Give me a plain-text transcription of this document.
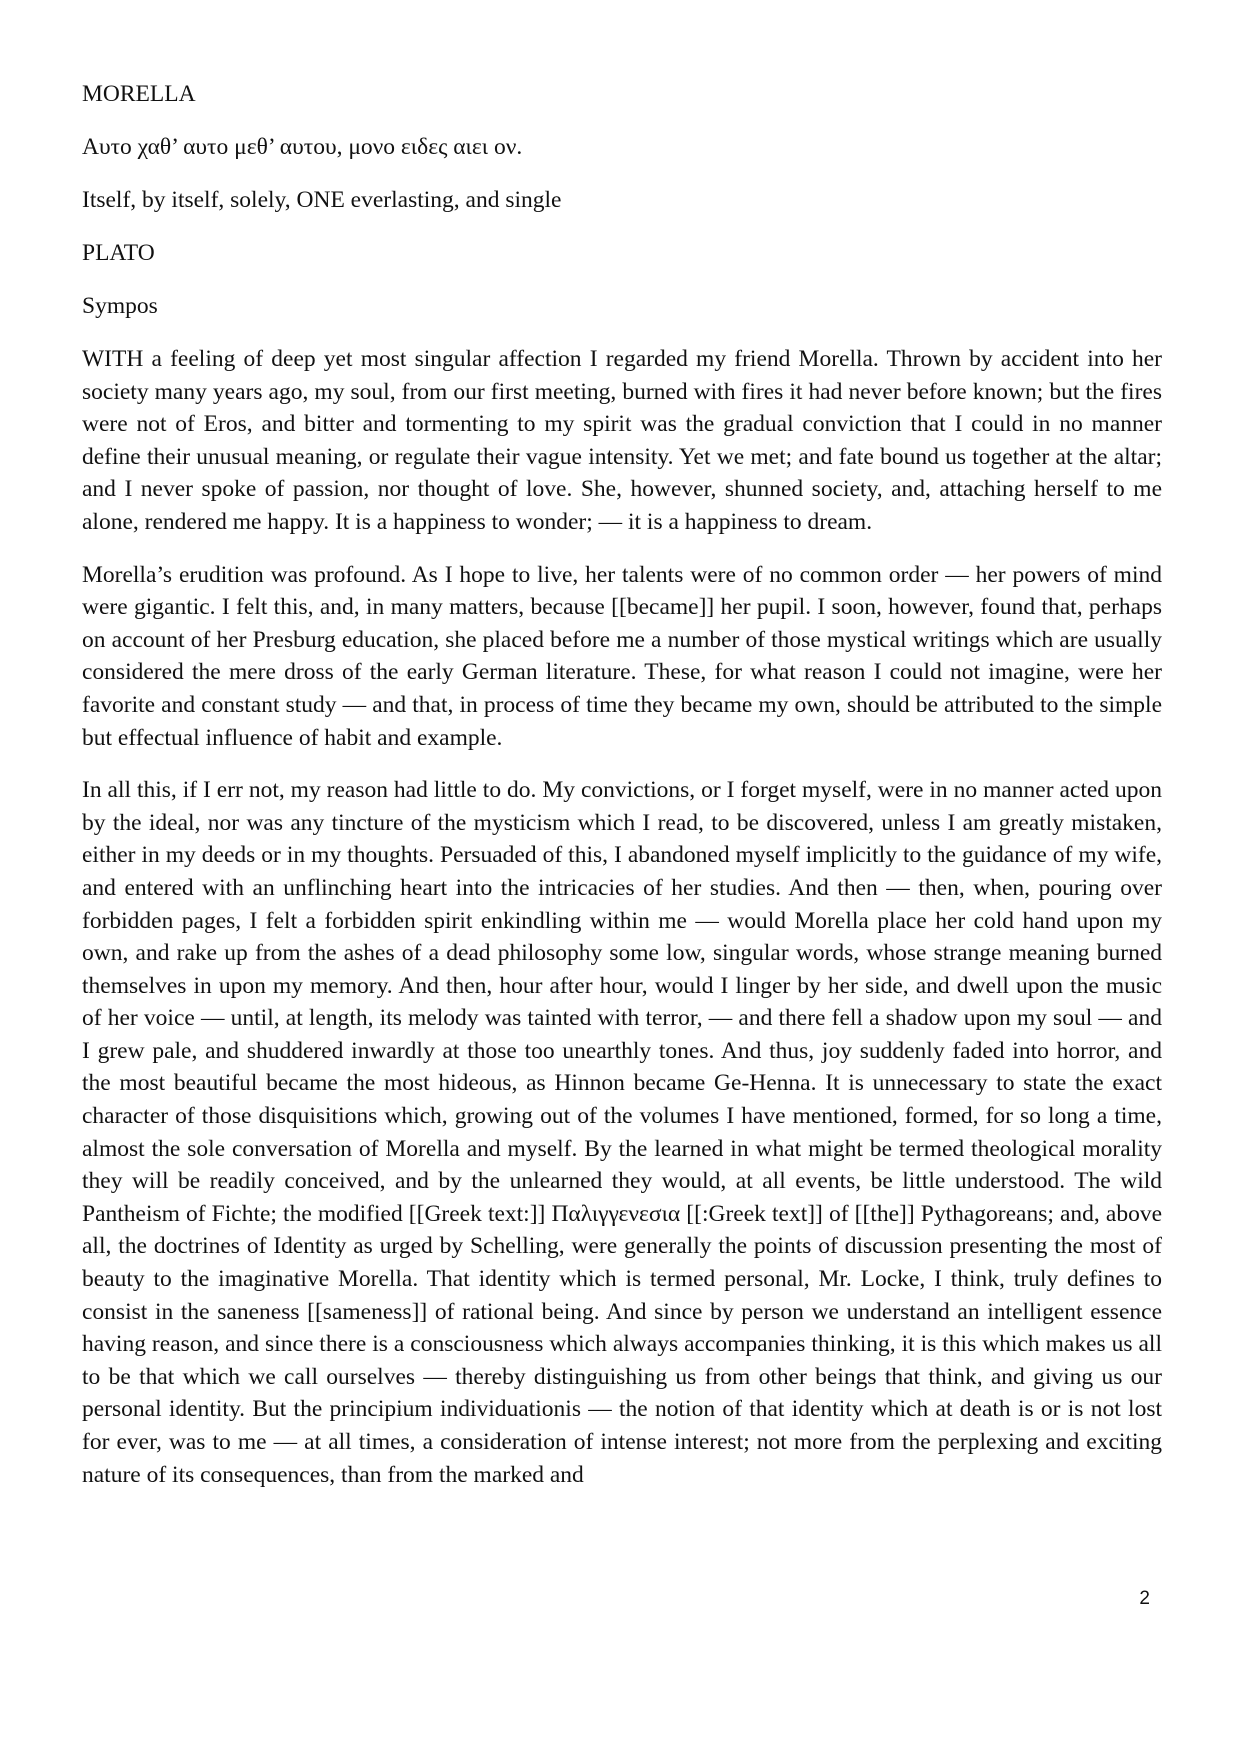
MORELLA
Αυτο χαθ’ αυτο μεθ’ αυτου, μονο ειδες αιει ον.
Itself, by itself, solely, ONE everlasting, and single
PLATO
Sympos

WITH a feeling of deep yet most singular affection I regarded my friend Morella. Thrown by accident into her society many years ago, my soul, from our first meeting, burned with fires it had never before known; but the fires were not of Eros, and bitter and tormenting to my spirit was the gradual conviction that I could in no manner define their unusual meaning, or regulate their vague intensity. Yet we met; and fate bound us together at the altar; and I never spoke of passion, nor thought of love. She, however, shunned society, and, attaching herself to me alone, rendered me happy. It is a happiness to wonder; — it is a happiness to dream.

Morella’s erudition was profound. As I hope to live, her talents were of no common order — her powers of mind were gigantic. I felt this, and, in many matters, because [[became]] her pupil. I soon, however, found that, perhaps on account of her Presburg education, she placed before me a number of those mystical writings which are usually considered the mere dross of the early German literature. These, for what reason I could not imagine, were her favorite and constant study — and that, in process of time they became my own, should be attributed to the simple but effectual influence of habit and example.

In all this, if I err not, my reason had little to do. My convictions, or I forget myself, were in no manner acted upon by the ideal, nor was any tincture of the mysticism which I read, to be discovered, unless I am greatly mistaken, either in my deeds or in my thoughts. Persuaded of this, I abandoned myself implicitly to the guidance of my wife, and entered with an unflinching heart into the intricacies of her studies. And then — then, when, pouring over forbidden pages, I felt a forbidden spirit enkindling within me — would Morella place her cold hand upon my own, and rake up from the ashes of a dead philosophy some low, singular words, whose strange meaning burned themselves in upon my memory. And then, hour after hour, would I linger by her side, and dwell upon the music of her voice — until, at length, its melody was tainted with terror, — and there fell a shadow upon my soul — and I grew pale, and shuddered inwardly at those too unearthly tones. And thus, joy suddenly faded into horror, and the most beautiful became the most hideous, as Hinnon became Ge-Henna. It is unnecessary to state the exact character of those disquisitions which, growing out of the volumes I have mentioned, formed, for so long a time, almost the sole conversation of Morella and myself. By the learned in what might be termed theological morality they will be readily conceived, and by the unlearned they would, at all events, be little understood. The wild Pantheism of Fichte; the modified [[Greek text:]] Παλιγγενεσια [[:Greek text]] of [[the]] Pythagoreans; and, above all, the doctrines of Identity as urged by Schelling, were generally the points of discussion presenting the most of beauty to the imaginative Morella. That identity which is termed personal, Mr. Locke, I think, truly defines to consist in the saneness [[sameness]] of rational being. And since by person we understand an intelligent essence having reason, and since there is a consciousness which always accompanies thinking, it is this which makes us all to be that which we call ourselves — thereby distinguishing us from other beings that think, and giving us our personal identity. But the principium individuationis — the notion of that identity which at death is or is not lost for ever, was to me — at all times, a consideration of intense interest; not more from the perplexing and exciting nature of its consequences, than from the marked and

2
